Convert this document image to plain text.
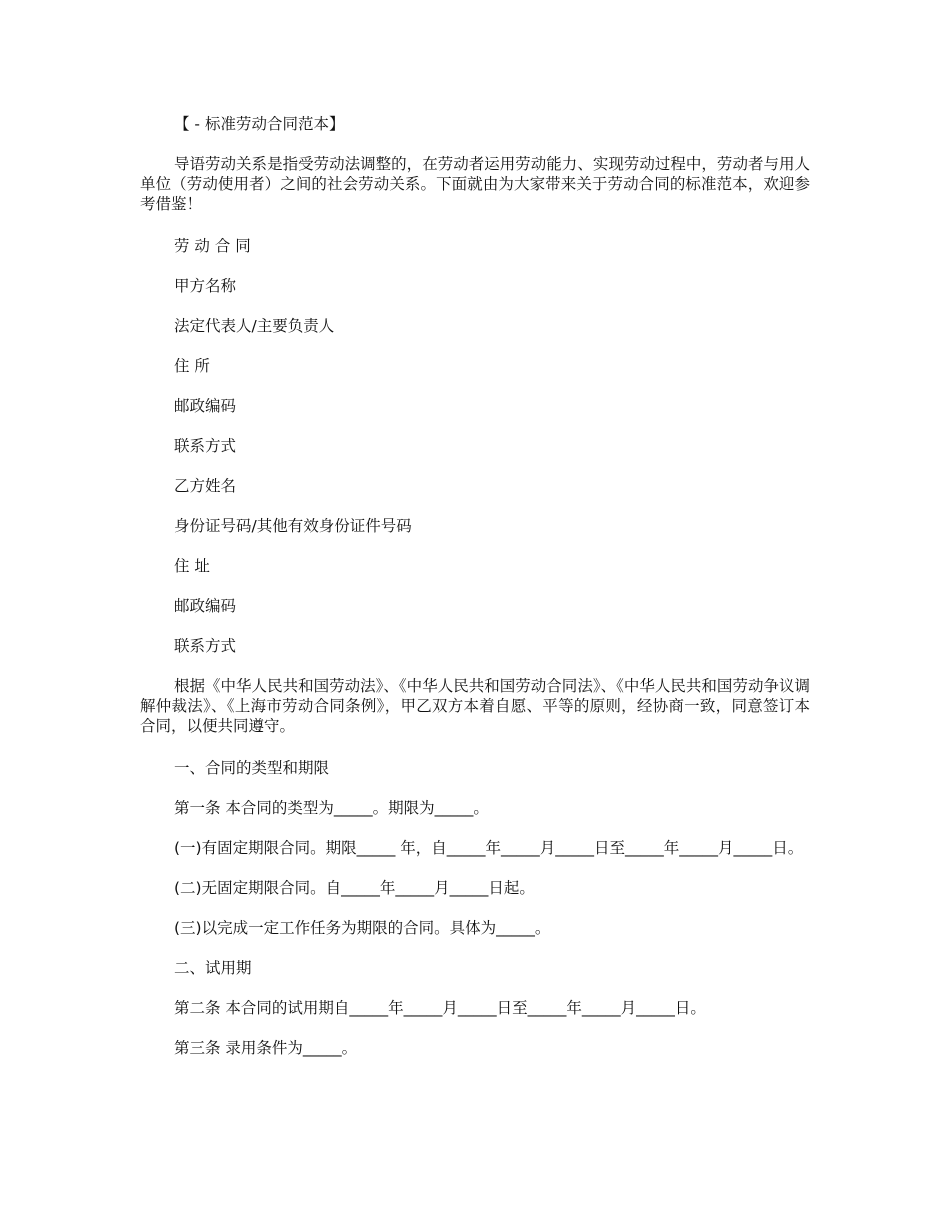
【 - 标准劳动合同范本】

导语劳动关系是指受劳动法调整的，在劳动者运用劳动能力、实现劳动过程中，劳动者与用人单位（劳动使用者）之间的社会劳动关系。下面就由为大家带来关于劳动合同的标准范本，欢迎参考借鉴！

劳 动 合 同

甲方名称

法定代表人/主要负责人

住 所

邮政编码

联系方式

乙方姓名

身份证号码/其他有效身份证件号码

住 址

邮政编码

联系方式

根据《中华人民共和国劳动法》、《中华人民共和国劳动合同法》、《中华人民共和国劳动争议调解仲裁法》、《上海市劳动合同条例》，甲乙双方本着自愿、平等的原则，经协商一致，同意签订本合同，以便共同遵守。

一、合同的类型和期限

第一条 本合同的类型为_____。期限为_____。

(一)有固定期限合同。期限_____ 年，自_____年_____月_____日至_____年_____月_____日。

(二)无固定期限合同。自_____年_____月_____日起。

(三)以完成一定工作任务为期限的合同。具体为_____。

二、试用期

第二条 本合同的试用期自_____年_____月_____日至_____年_____月_____日。

第三条 录用条件为_____。
